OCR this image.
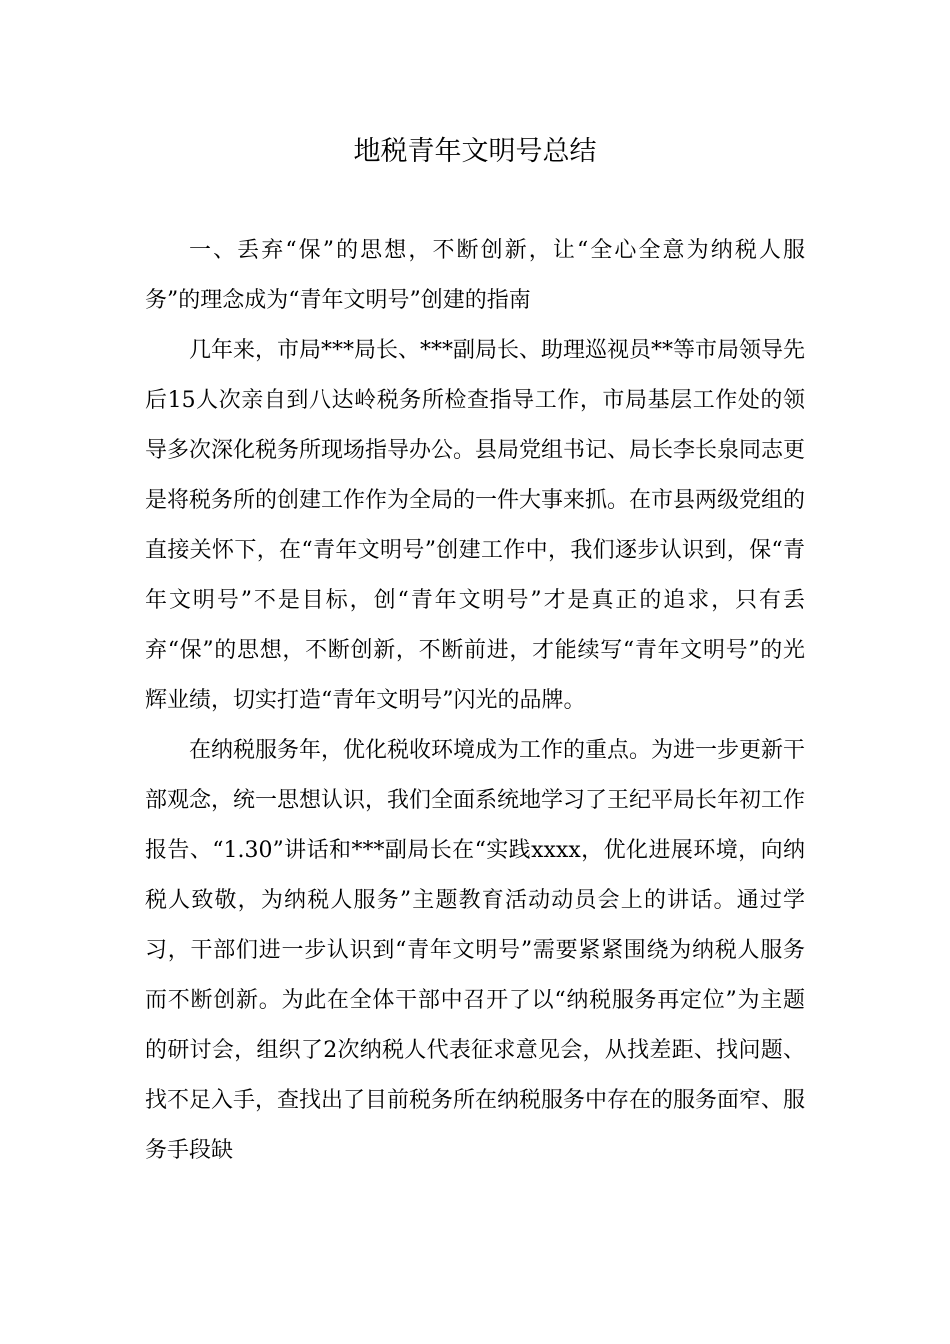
地税青年文明号总结

一、丢弃“保”的思想，不断创新，让“全心全意为纳税人服务”的理念成为“青年文明号”创建的指南

几年来，市局***局长、***副局长、助理巡视员**等市局领导先后15人次亲自到八达岭税务所检查指导工作，市局基层工作处的领导多次深化税务所现场指导办公。县局党组书记、局长李长泉同志更是将税务所的创建工作作为全局的一件大事来抓。在市县两级党组的直接关怀下，在“青年文明号”创建工作中，我们逐步认识到，保“青年文明号”不是目标，创“青年文明号”才是真正的追求，只有丢弃“保”的思想，不断创新，不断前进，才能续写“青年文明号”的光辉业绩，切实打造“青年文明号”闪光的品牌。

在纳税服务年，优化税收环境成为工作的重点。为进一步更新干部观念，统一思想认识，我们全面系统地学习了王纪平局长年初工作报告、“1.30”讲话和***副局长在“实践xxxx，优化进展环境，向纳税人致敬，为纳税人服务”主题教育活动动员会上的讲话。通过学习，干部们进一步认识到“青年文明号”需要紧紧围绕为纳税人服务而不断创新。为此在全体干部中召开了以“纳税服务再定位”为主题的研讨会，组织了2次纳税人代表征求意见会，从找差距、找问题、找不足入手，查找出了目前税务所在纳税服务中存在的服务面窄、服务手段缺
